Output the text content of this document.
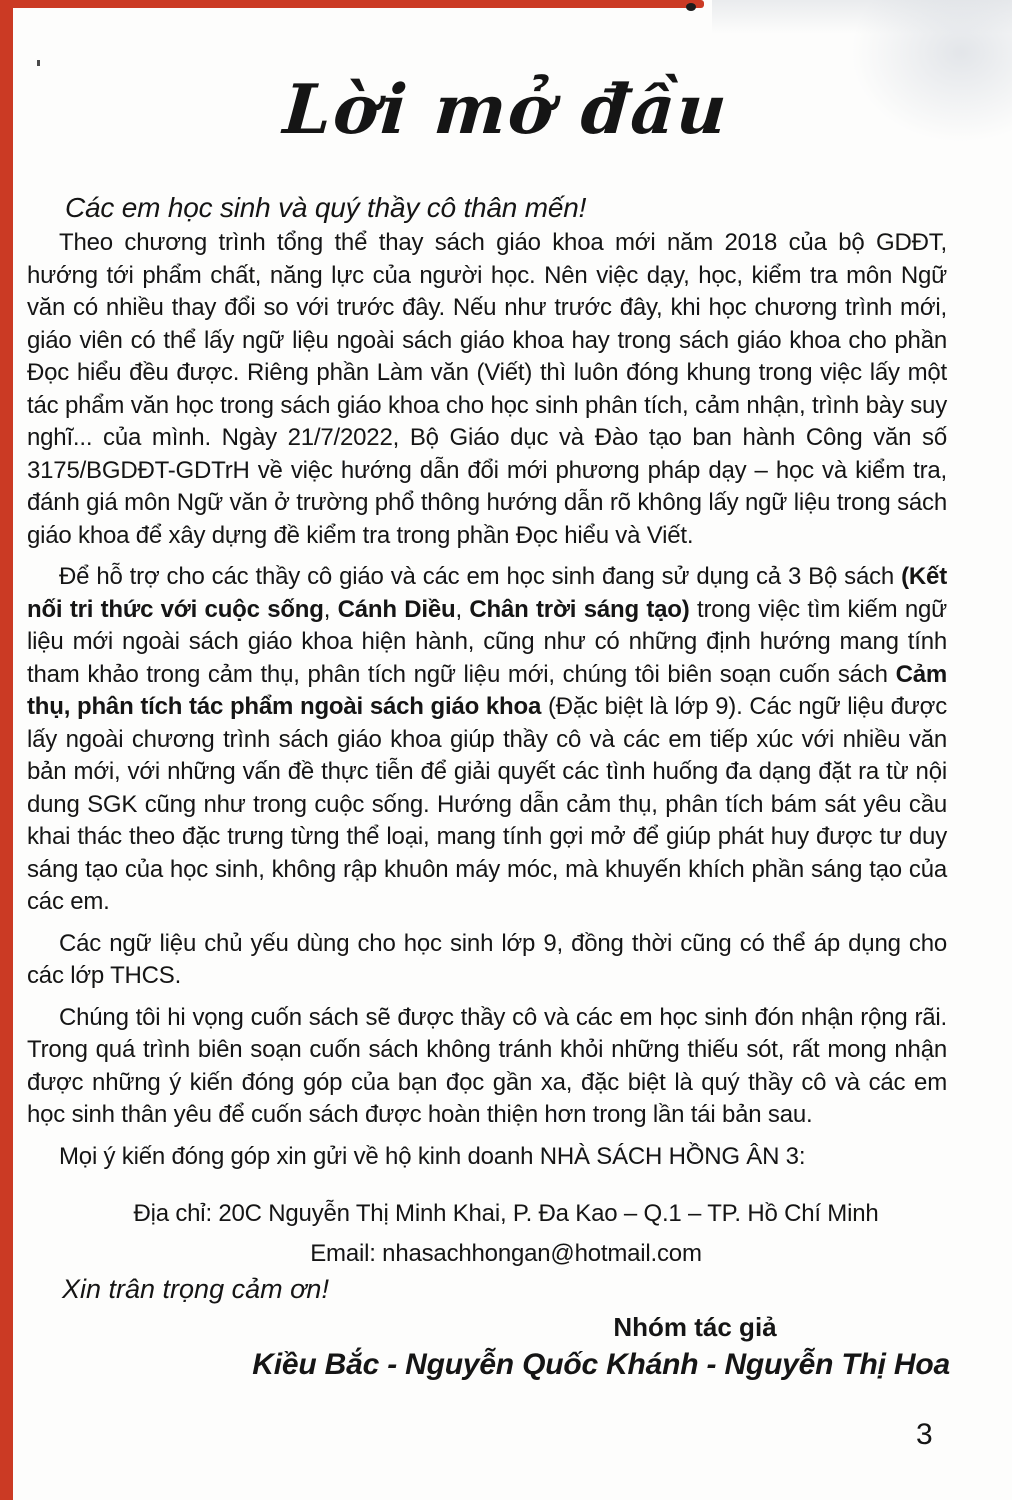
Lời mở đầu
Các em học sinh và quý thầy cô thân mến!

Theo chương trình tổng thể thay sách giáo khoa mới năm 2018 của bộ GDĐT, hướng tới phẩm chất, năng lực của người học. Nên việc dạy, học, kiểm tra môn Ngữ văn có nhiều thay đổi so với trước đây. Nếu như trước đây, khi học chương trình mới, giáo viên có thể lấy ngữ liệu ngoài sách giáo khoa hay trong sách giáo khoa cho phần Đọc hiểu đều được. Riêng phần Làm văn (Viết) thì luôn đóng khung trong việc lấy một tác phẩm văn học trong sách giáo khoa cho học sinh phân tích, cảm nhận, trình bày suy nghĩ... của mình. Ngày 21/7/2022, Bộ Giáo dục và Đào tạo ban hành Công văn số 3175/BGDĐT-GDTrH về việc hướng dẫn đổi mới phương pháp dạy – học và kiểm tra, đánh giá môn Ngữ văn ở trường phổ thông hướng dẫn rõ không lấy ngữ liệu trong sách giáo khoa để xây dựng đề kiểm tra trong phần Đọc hiểu và Viết.

Để hỗ trợ cho các thầy cô giáo và các em học sinh đang sử dụng cả 3 Bộ sách (Kết nối tri thức với cuộc sống, Cánh Diều, Chân trời sáng tạo) trong việc tìm kiếm ngữ liệu mới ngoài sách giáo khoa hiện hành, cũng như có những định hướng mang tính tham khảo trong cảm thụ, phân tích ngữ liệu mới, chúng tôi biên soạn cuốn sách Cảm thụ, phân tích tác phẩm ngoài sách giáo khoa (Đặc biệt là lớp 9). Các ngữ liệu được lấy ngoài chương trình sách giáo khoa giúp thầy cô và các em tiếp xúc với nhiều văn bản mới, với những vấn đề thực tiễn để giải quyết các tình huống đa dạng đặt ra từ nội dung SGK cũng như trong cuộc sống. Hướng dẫn cảm thụ, phân tích bám sát yêu cầu khai thác theo đặc trưng từng thể loại, mang tính gợi mở để giúp phát huy được tư duy sáng tạo của học sinh, không rập khuôn máy móc, mà khuyến khích phần sáng tạo của các em.

Các ngữ liệu chủ yếu dùng cho học sinh lớp 9, đồng thời cũng có thể áp dụng cho các lớp THCS.

Chúng tôi hi vọng cuốn sách sẽ được thầy cô và các em học sinh đón nhận rộng rãi. Trong quá trình biên soạn cuốn sách không tránh khỏi những thiếu sót, rất mong nhận được những ý kiến đóng góp của bạn đọc gần xa, đặc biệt là quý thầy cô và các em học sinh thân yêu để cuốn sách được hoàn thiện hơn trong lần tái bản sau.

Mọi ý kiến đóng góp xin gửi về hộ kinh doanh NHÀ SÁCH HỒNG ÂN 3:

Địa chỉ: 20C Nguyễn Thị Minh Khai, P. Đa Kao – Q.1 – TP. Hồ Chí Minh
Email: nhasachhongan@hotmail.com
Xin trân trọng cảm ơn!
Nhóm tác giả
Kiều Bắc - Nguyễn Quốc Khánh - Nguyễn Thị Hoa
3
